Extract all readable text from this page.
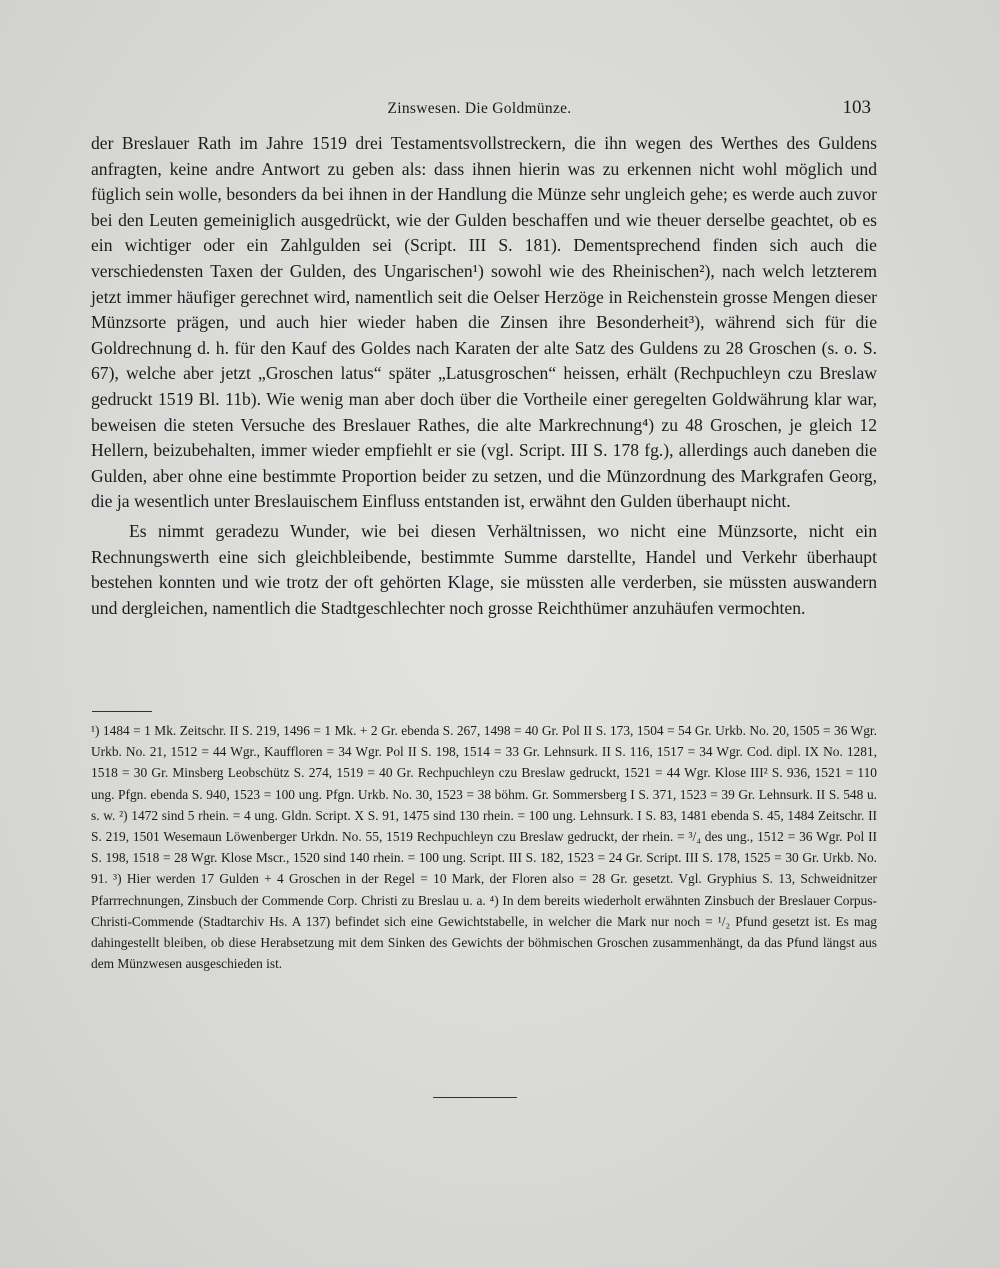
Zinswesen. Die Goldmünze.	103

der Breslauer Rath im Jahre 1519 drei Testamentsvollstreckern, die ihn wegen des Werthes des Guldens anfragten, keine andre Antwort zu geben als: dass ihnen hierin was zu erkennen nicht wohl möglich und füglich sein wolle, besonders da bei ihnen in der Handlung die Münze sehr ungleich gehe; es werde auch zuvor bei den Leuten gemeiniglich ausgedrückt, wie der Gulden beschaffen und wie theuer derselbe geachtet, ob es ein wichtiger oder ein Zahlgulden sei (Script. III S. 181). Dementsprechend finden sich auch die verschiedensten Taxen der Gulden, des Ungarischen¹) sowohl wie des Rheinischen²), nach welch letzterem jetzt immer häufiger gerechnet wird, namentlich seit die Oelser Herzöge in Reichenstein grosse Mengen dieser Münzsorte prägen, und auch hier wieder haben die Zinsen ihre Besonderheit³), während sich für die Goldrechnung d. h. für den Kauf des Goldes nach Karaten der alte Satz des Guldens zu 28 Groschen (s. o. S. 67), welche aber jetzt „Groschen latus“ später „Latusgroschen“ heissen, erhält (Rechpuchleyn czu Breslaw gedruckt 1519 Bl. 11b). Wie wenig man aber doch über die Vortheile einer geregelten Goldwährung klar war, beweisen die steten Versuche des Breslauer Rathes, die alte Markrechnung⁴) zu 48 Groschen, je gleich 12 Hellern, beizubehalten, immer wieder empfiehlt er sie (vgl. Script. III S. 178 fg.), allerdings auch daneben die Gulden, aber ohne eine bestimmte Proportion beider zu setzen, und die Münzordnung des Markgrafen Georg, die ja wesentlich unter Breslauischem Einfluss entstanden ist, erwähnt den Gulden überhaupt nicht.

Es nimmt geradezu Wunder, wie bei diesen Verhältnissen, wo nicht eine Münzsorte, nicht ein Rechnungswerth eine sich gleichbleibende, bestimmte Summe darstellte, Handel und Verkehr überhaupt bestehen konnten und wie trotz der oft gehörten Klage, sie müssten alle verderben, sie müssten auswandern und dergleichen, namentlich die Stadtgeschlechter noch grosse Reichthümer anzuhäufen vermochten.

¹) 1484 = 1 Mk. Zeitschr. II S. 219, 1496 = 1 Mk. + 2 Gr. ebenda S. 267, 1498 = 40 Gr. Pol II S. 173, 1504 = 54 Gr. Urkb. No. 20, 1505 = 36 Wgr. Urkb. No. 21, 1512 = 44 Wgr., Kauffloren = 34 Wgr. Pol II S. 198, 1514 = 33 Gr. Lehnsurk. II S. 116, 1517 = 34 Wgr. Cod. dipl. IX No. 1281, 1518 = 30 Gr. Minsberg Leobschütz S. 274, 1519 = 40 Gr. Rechpuchleyn czu Breslaw gedruckt, 1521 = 44 Wgr. Klose III² S. 936, 1521 = 110 ung. Pfgn. ebenda S. 940, 1523 = 100 ung. Pfgn. Urkb. No. 30, 1523 = 38 böhm. Gr. Sommersberg I S. 371, 1523 = 39 Gr. Lehnsurk. II S. 548 u. s. w. ²) 1472 sind 5 rhein. = 4 ung. Gldn. Script. X S. 91, 1475 sind 130 rhein. = 100 ung. Lehnsurk. I S. 83, 1481 ebenda S. 45, 1484 Zeitschr. II S. 219, 1501 Wesemaun Löwenberger Urkdn. No. 55, 1519 Rechpuchleyn czu Breslaw gedruckt, der rhein. = ³/₄ des ung., 1512 = 36 Wgr. Pol II S. 198, 1518 = 28 Wgr. Klose Mscr., 1520 sind 140 rhein. = 100 ung. Script. III S. 182, 1523 = 24 Gr. Script. III S. 178, 1525 = 30 Gr. Urkb. No. 91. ³) Hier werden 17 Gulden + 4 Groschen in der Regel = 10 Mark, der Floren also = 28 Gr. gesetzt. Vgl. Gryphius S. 13, Schweidnitzer Pfarrrechnungen, Zinsbuch der Commende Corp. Christi zu Breslau u. a. ⁴) In dem bereits wiederholt erwähnten Zinsbuch der Breslauer Corpus-Christi-Commende (Stadtarchiv Hs. A 137) befindet sich eine Gewichtstabelle, in welcher die Mark nur noch = ¹/₂ Pfund gesetzt ist. Es mag dahingestellt bleiben, ob diese Herabsetzung mit dem Sinken des Gewichts der böhmischen Groschen zusammenhängt, da das Pfund längst aus dem Münzwesen ausgeschieden ist.
